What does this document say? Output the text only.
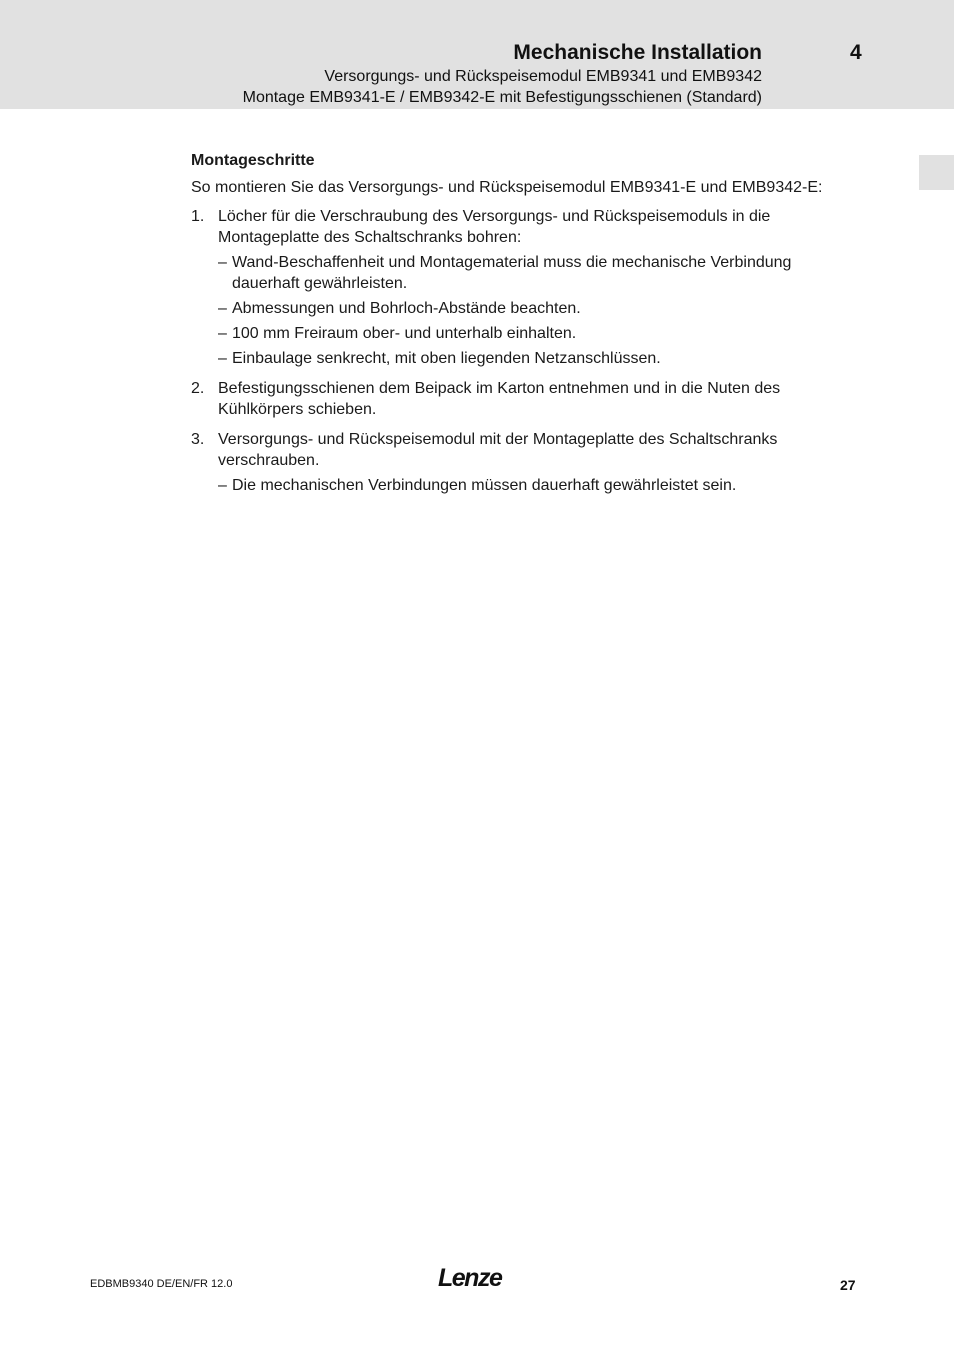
Mechanische Installation	4
Versorgungs- und Rückspeisemodul EMB9341 und EMB9342
Montage EMB9341-E / EMB9342-E mit Befestigungsschienen (Standard)
Montageschritte
So montieren Sie das Versorgungs- und Rückspeisemodul EMB9341-E und EMB9342-E:
1. Löcher für die Verschraubung des Versorgungs- und Rückspeisemoduls in die Montageplatte des Schaltschranks bohren:
– Wand-Beschaffenheit und Montagematerial muss die mechanische Verbindung dauerhaft gewährleisten.
– Abmessungen und Bohrloch-Abstände beachten.
– 100 mm Freiraum ober- und unterhalb einhalten.
– Einbaulage senkrecht, mit oben liegenden Netzanschlüssen.
2. Befestigungsschienen dem Beipack im Karton entnehmen und in die Nuten des Kühlkörpers schieben.
3. Versorgungs- und Rückspeisemodul mit der Montageplatte des Schaltschranks verschrauben.
– Die mechanischen Verbindungen müssen dauerhaft gewährleistet sein.
EDBMB9340 DE/EN/FR 12.0	Lenze	27
